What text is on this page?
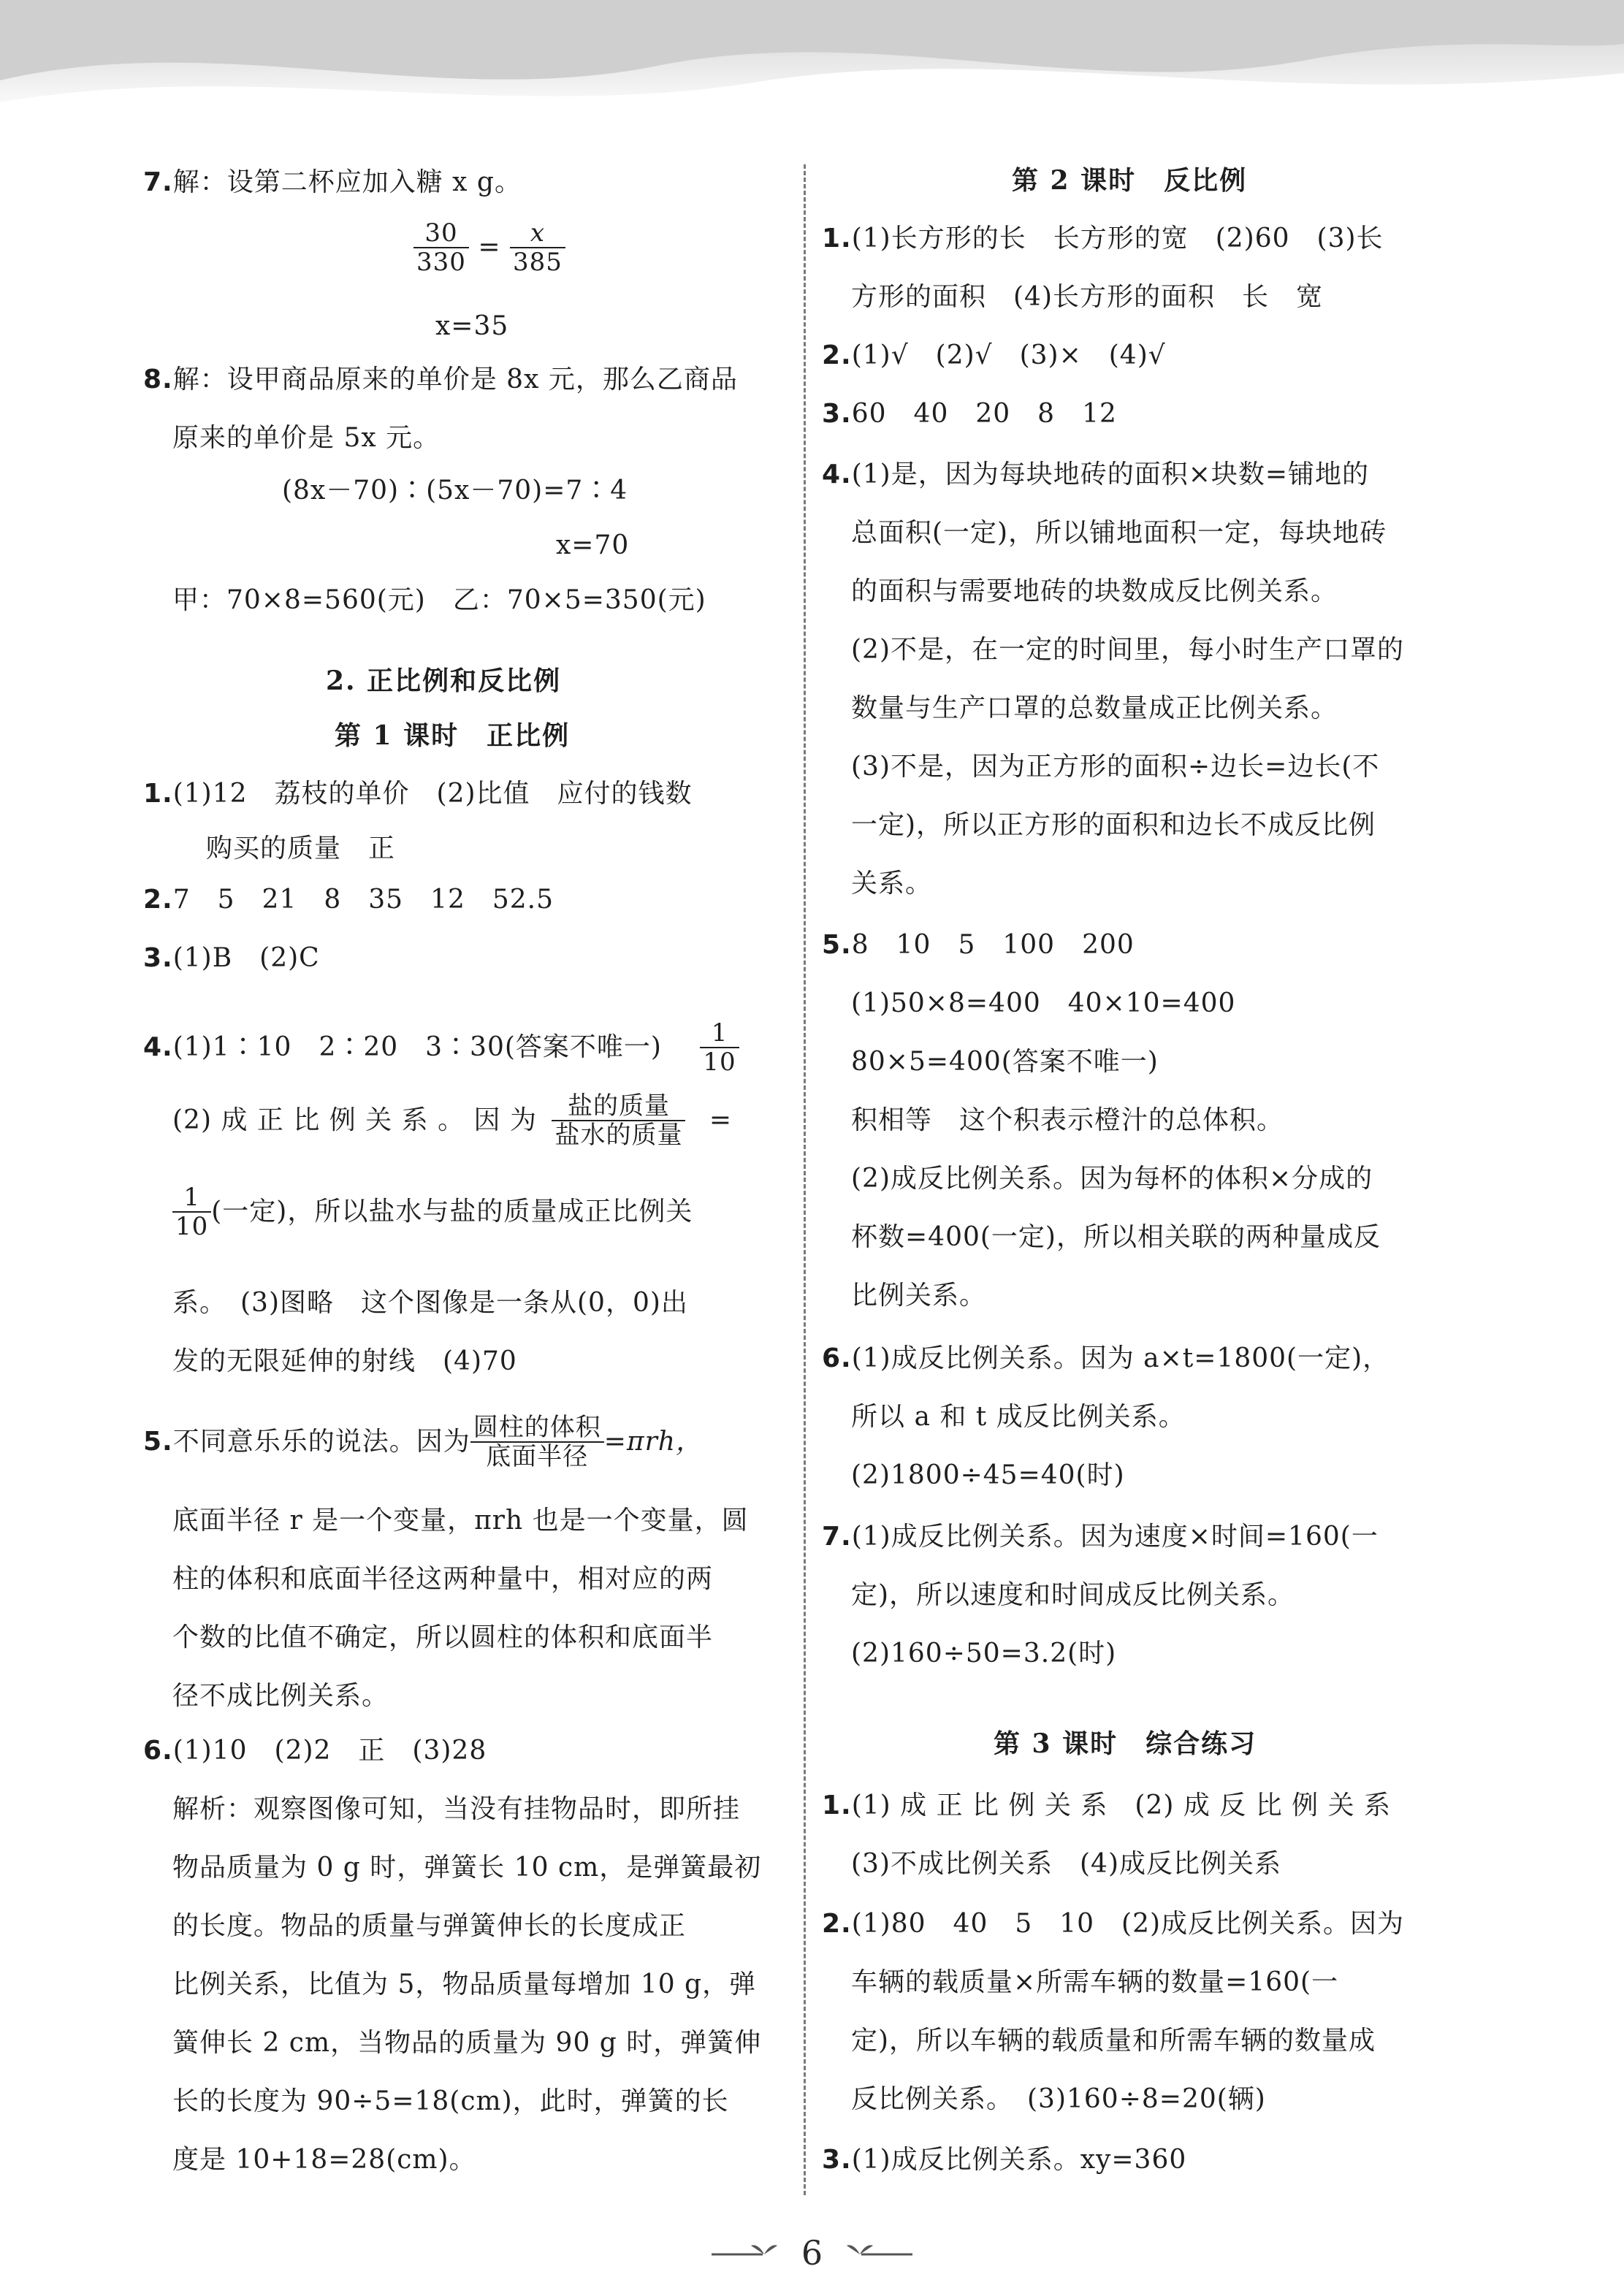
7.解：设第二杯应加入糖 x g。
$\frac{30}{330} = \frac{x}{385}$
x=35
8.解：设甲商品原来的单价是 8x 元，那么乙商品
原来的单价是 5x 元。
(8x－70)∶(5x－70)=7∶4
x=70
甲：70×8=560(元)　乙：70×5=350(元)
2. 正比例和反比例
第 1 课时　正比例
1.(1)12　荔枝的单价　(2)比值　应付的钱数
购买的质量　正
2.7　5　21　8　35　12　52.5
3.(1)B　(2)C
4.(1)1∶10　2∶20　3∶30(答案不唯一) $\frac{1}{10}$
(2) 成 正 比 例 关 系 。 因 为 $\frac{\text{盐的质量}}{\text{盐水的质量}}$ =
$\frac{1}{10}$ (一定)，所以盐水与盐的质量成正比例关
系。　(3)图略　这个图像是一条从(0，0)出
发的无限延伸的射线　(4)70
5.不同意乐乐的说法。因为 $\frac{\text{圆柱的体积}}{\text{底面半径}} =\pi rh$，
底面半径 r 是一个变量，πrh 也是一个变量，圆
柱的体积和底面半径这两种量中，相对应的两
个数的比值不确定，所以圆柱的体积和底面半
径不成比例关系。
6.(1)10　(2)2　正　(3)28
解析：观察图像可知，当没有挂物品时，即所挂
物品质量为 0 g 时，弹簧长 10 cm，是弹簧最初
的长度。物品的质量与弹簧伸长的长度成正
比例关系，比值为 5，物品质量每增加 10 g，弹
簧伸长 2 cm，当物品的质量为 90 g 时，弹簧伸
长的长度为 90÷5=18(cm)，此时，弹簧的长
度是 10+18=28(cm)。
第 2 课时　反比例
1.(1)长方形的长　长方形的宽　(2)60　(3)长
方形的面积　(4)长方形的面积　长　宽
2.(1)√　(2)√　(3)×　(4)√
3.60　40　20　8　12
4.(1)是，因为每块地砖的面积×块数=铺地的
总面积(一定)，所以铺地面积一定，每块地砖
的面积与需要地砖的块数成反比例关系。
(2)不是，在一定的时间里，每小时生产口罩的
数量与生产口罩的总数量成正比例关系。
(3)不是，因为正方形的面积÷边长=边长(不
一定)，所以正方形的面积和边长不成反比例
关系。
5.8　10　5　100　200
(1)50×8=400　40×10=400
80×5=400(答案不唯一)
积相等　这个积表示橙汁的总体积。
(2)成反比例关系。因为每杯的体积×分成的
杯数=400(一定)，所以相关联的两种量成反
比例关系。
6.(1)成反比例关系。因为 a×t=1800(一定)，
所以 a 和 t 成反比例关系。
(2)1800÷45=40(时)
7.(1)成反比例关系。因为速度×时间=160(一
定)，所以速度和时间成反比例关系。
(2)160÷50=3.2(时)
第 3 课时　综合练习
1.(1) 成 正 比 例 关 系　(2) 成 反 比 例 关 系
(3)不成比例关系　(4)成反比例关系
2.(1)80　40　5　10　(2)成反比例关系。因为
车辆的载质量×所需车辆的数量=160(一
定)，所以车辆的载质量和所需车辆的数量成
反比例关系。　(3)160÷8=20(辆)
3.(1)成反比例关系。xy=360
6
